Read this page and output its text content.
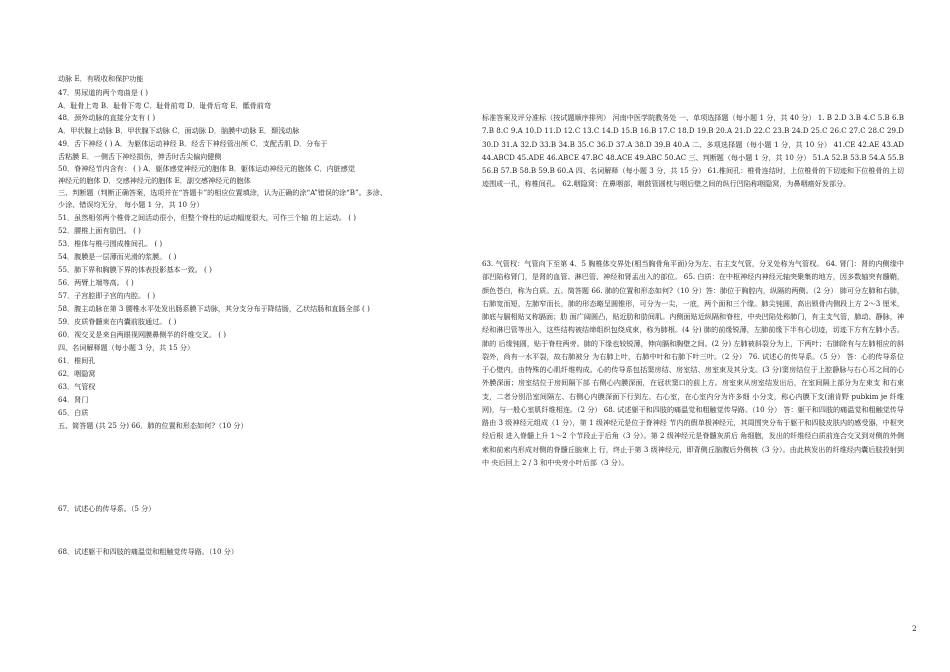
动脉 E．有吸收和保护功能
47．男尿道的两个弯曲是 ( )
A．耻骨上弯 B．耻骨下弯 C．耻骨前弯 D．耻骨后弯 E．骶骨前弯
48．颈外动脉的直接分支有 ( )
A．甲状腺上动脉 B．甲状腺下动脉 C．面动脉 D．脑膜中动脉 E．颞浅动脉
49．舌下神经 ( ) A．为躯体运动神经 B．经舌下神经管出颅 C．支配舌肌 D．分布于
舌粘膜 E．一侧舌下神经损伤，伸舌时舌尖偏向健侧
50．脊神经节内含有： ( ) A．躯体感觉神经元的胞体 B．躯体运动神经元的胞体 C．内脏感觉
神经元的胞体 D．交感神经元的胞体 E．副交感神经元的胞体
三、判断题（判断正确答案，选项并在“答题卡”的相应位置填涂，认为正确的涂“A”错误的涂“B”。多涂、
少涂、错误均无分， 每小题 1 分，共 10 分）
51．虽然相邻两个椎骨之间活动很小，但整个脊柱的运动幅度很大，可作三个轴 的上运动。 ( )
52．腰椎上面有肋凹。 ( )
53．椎体与椎弓围成椎间孔。 ( )
54．腹膜是一层薄而光滑的浆膜。 ( )
55．肺下界和胸膜下界的体表投影基本一致。 ( )
56．两臂上端等高。 ( )
57．子宫腔即子宫的内腔。 ( )
58．腹主动脉在第 3 腰椎水平处发出肠系膜下动脉，其分支分布于降结肠，乙状结肠和直肠全部 ( )
59．皮质脊髓束在内囊前肢通过。 ( )
60．视交叉是来自两眼视网膜鼻侧半的纤维交叉。 ( )
四、名词解释题（每小题 3 分，共 15 分）
61．椎间孔
62．咽隐窝
63．气管杈
64．肾门
65．白质
五、简答题 (共 25 分) 66．肺的位置和形态如何?（10 分）
67．试述心的传导系。（5 分）
68．试述躯干和四肢的痛温觉和粗触觉传导路。（10 分）
标准答案及评分准标（按试题顺序排列） 河南中医学院教务处 一、单项选择题（每小题 1 分，共 40 分） 1. B 2.D 3.B 4.C 5.B 6.B 7.B 8.C 9.A 10.D 11.D 12.C 13.C 14.D 15.B 16.B 17.C 18.D 19.B 20.A 21.D 22.C 23.B 24.D 25.C 26.C 27.C 28.C 29.D 30.D 31.A 32.D 33.B 34.B 35.C 36.D 37.A 38.D 39.B 40.A 二、多项选择题（每小题 1 分，共 10 分） 41.CE 42.AE 43.AD 44.ABCD 45.ADE 46.ABCE 47.BC 48.ACE 49.ABC 50.AC 三、判断题（每小题 1 分，共 10 分） 51.A 52.B 53.B 54.A 55.B 56.B 57.B 58.B 59.B 60.A 四、名词解释（每小题 3 分，共 15 分） 61.椎间孔：椎骨连结时，上位椎骨的下切迹和下位椎骨的上切迹围成一孔，称椎间孔。 62.咽隐窝：在鼻咽部，咽鼓管圆枕与咽后壁之间的纵行凹陷称咽隐窝，为鼻咽癌好发部分。
63. 气管杈：气管向下至第 4、5 胸椎体交界处(相当胸骨角平面)分为左、右主支气管，分叉处称为气管杈。 64. 肾门：肾的内侧缘中部凹陷称肾门，是肾的血管、淋巴管、神经和肾盂出入的部位。 65. 白质：在中枢神经内神经元轴突聚集的地方，因多数轴突有髓鞘，颜色苍白，称为白质。五、简答题 66. 肺的位置和形态如何?（10 分）答：肺位于胸腔内，纵隔的两侧。（2 分） 肺可分左肺和右肺，右肺宽而短，左肺窄而长，肺的形态略呈圆锥形，可分为一尖，一底，两个面和三个缘。肺尖钝圆，高出锁骨内侧段上方 2～3 厘米，肺底与膈相贴又称膈面；肋 面广阔圆凸，贴近肋和肋间肌。内侧面贴近纵隔和脊柱，中央凹陷处称肺门，有主支气管，肺动、静脉，神经和淋巴管等出入，这些结构被结缔组织包绕成束，称为肺根。(4 分) 肺的前缘锐薄，左肺前缘下半有心切迹，切迹下方有左肺小舌。肺的 后缘钝圆，贴于脊柱两旁。肺的下缘也较锐薄，伸向膈和胸壁之间。(2 分) 左肺被斜裂分为上，下两叶；右肺除有与左肺相应的斜裂外，尚有一水平裂，故右肺被分 为右肺上叶，右肺中叶和右肺下叶三叶。（2 分） 76. 试述心的传导系。（5 分） 答：心的传导系位于心壁内，由特殊的心肌纤维构成。心的传导系包括窦房结、房室结、房室束及其分支。(3 分)窦房结位于上腔静脉与右心耳之间的心外膜深面；房室结位于房间隔下部 右侧心内膜深面，在冠状窦口的前上方。房室束从房室结发出后，在室间隔上部分为左束支 和右束支，二者分别沿室间隔左、右侧心内膜深面下行到左、右心室，在心室内分为许多细 小分支，称心内膜下支(浦肯野 pubkim je 纤维网)，与一般心室肌纤维相连。（2 分） 68. 试述躯干和四肢的痛温觉和粗触觉传导路。（10 分） 答：躯干和四肢的痛温觉和粗触觉传导路由 3 级神经元组成（1 分），第 1 级神经元是位于脊神经 节内的假单极神经元，其周围突分布于躯干和四肢皮肤内的感受器，中枢突经后根 进入脊髓上升 1～2 个节段止于后角（3 分）。第 2 级神经元是脊髓灰质后 角细胞，发出的纤维经白质前连合交叉到对侧的外侧索和前索内形成对侧的脊髓丘脑束上 行，终止于第 3 级神经元，即背侧丘脑腹后外侧核（3 分）。由此核发出的纤维经内囊后肢投射到中 央后回上 2 / 3 和中央旁小叶后部（3 分）。
2
